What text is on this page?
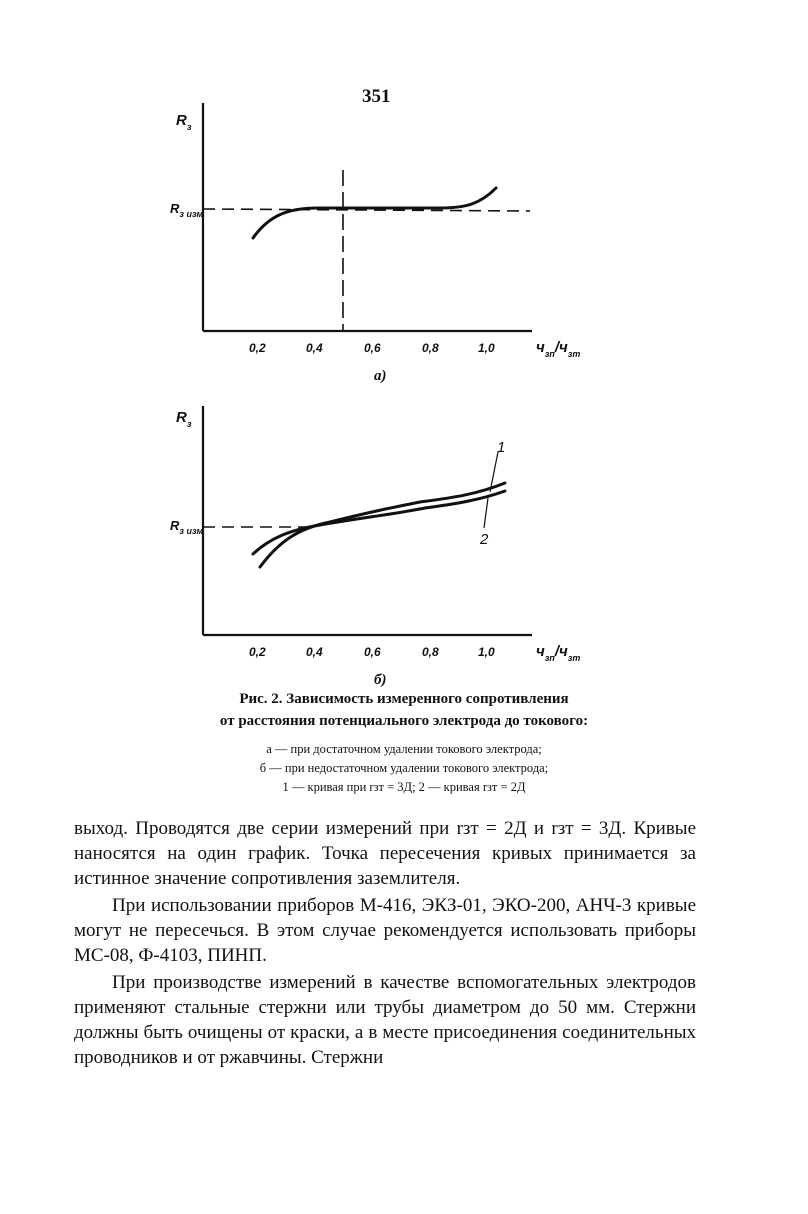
351
$R_з$
$R_{з изм}$
0,2	0,4	0,6	0,8	1,0	$ч_{зп}/ч_{зт}$
а)
$R_з$
$R_{з изм}$
1
2
0,2	0,4	0,6	0,8	1,0	$ч_{зп}/ч_{зт}$
б)
Рис. 2. Зависимость измеренного сопротивления
от расстояния потенциального электрода до токового:
а — при достаточном удалении токового электрода;
б — при недостаточном удалении токового электрода;
1 — кривая при rзт = 3Д; 2 — кривая rзт = 2Д

выход. Проводятся две серии измерений при rзт = 2Д и rзт = 3Д. Кривые наносятся на один график. Точка пересечения кривых принимается за истинное значение сопротивления заземлителя.

При использовании приборов М-416, ЭКЗ-01, ЭКО-200, АНЧ-3 кривые могут не пересечься. В этом случае рекомендуется использовать приборы МС-08, Ф-4103, ПИНП.

При производстве измерений в качестве вспомогательных электродов применяют стальные стержни или трубы диаметром до 50 мм. Стержни должны быть очищены от краски, а в месте присоединения соединительных проводников и от ржавчины. Стержни
